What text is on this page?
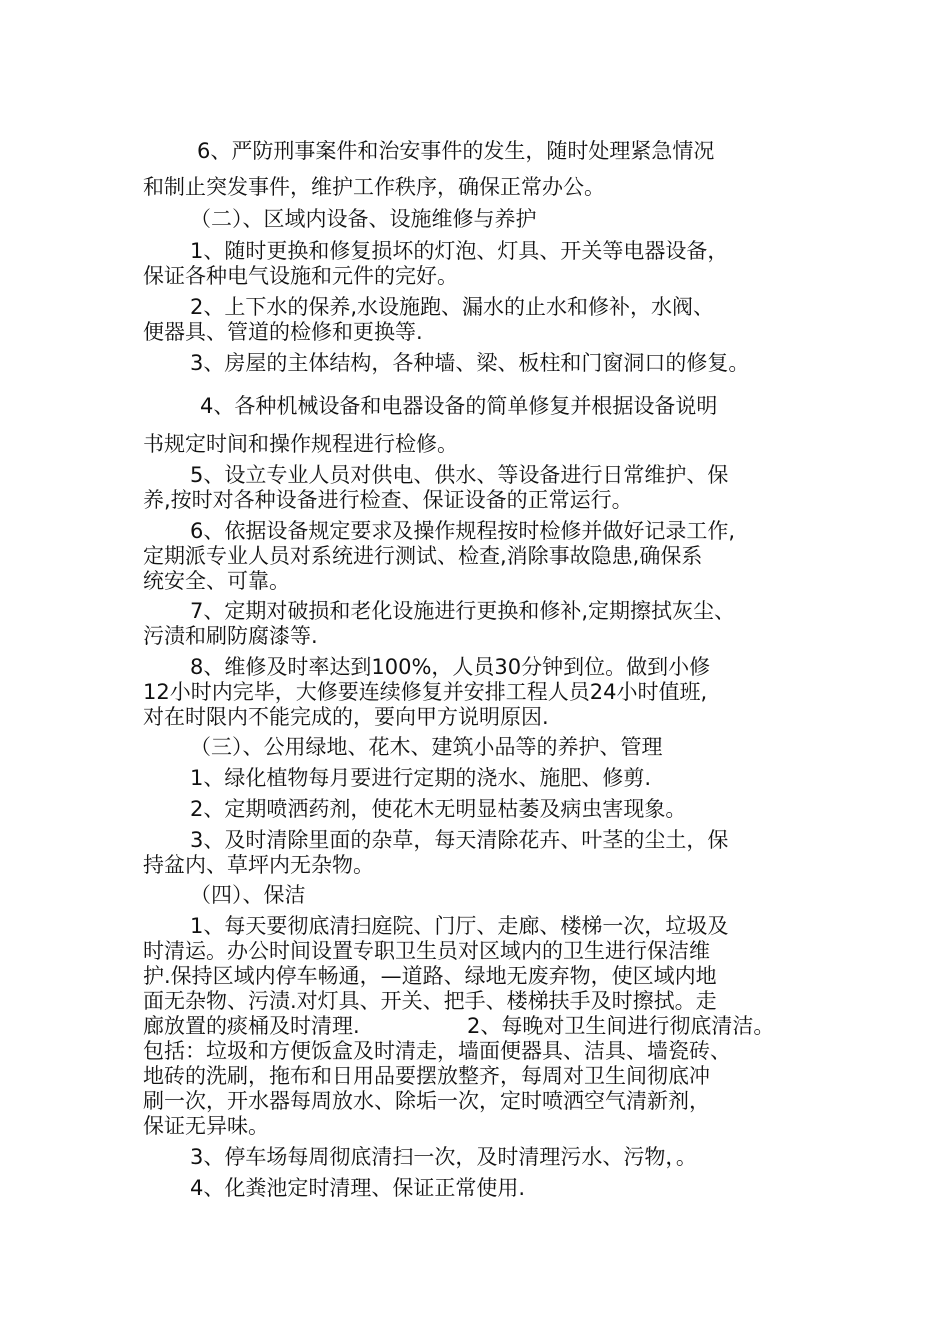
6、严防刑事案件和治安事件的发生，随时处理紧急情况

和制止突发事件，维护工作秩序，确保正常办公。

（二）、区域内设备、设施维修与养护

1、随时更换和修复损坏的灯泡、灯具、开关等电器设备，

保证各种电气设施和元件的完好。

2、上下水的保养,水设施跑、漏水的止水和修补，水阀、

便器具、管道的检修和更换等.

3、房屋的主体结构，各种墙、梁、板柱和门窗洞口的修复。

4、各种机械设备和电器设备的简单修复并根据设备说明

书规定时间和操作规程进行检修。

5、设立专业人员对供电、供水、等设备进行日常维护、保

养,按时对各种设备进行检查、保证设备的正常运行。

6、依据设备规定要求及操作规程按时检修并做好记录工作,

定期派专业人员对系统进行测试、检查,消除事故隐患,确保系

统安全、可靠。

7、定期对破损和老化设施进行更换和修补,定期擦拭灰尘、

污渍和刷防腐漆等.

8、维修及时率达到100%，人员30分钟到位。做到小修

12小时内完毕，大修要连续修复并安排工程人员24小时值班,

对在时限内不能完成的，要向甲方说明原因.

（三）、公用绿地、花木、建筑小品等的养护、管理

1、绿化植物每月要进行定期的浇水、施肥、修剪.

2、定期喷洒药剂，使花木无明显枯萎及病虫害现象。

3、及时清除里面的杂草，每天清除花卉、叶茎的尘土，保

持盆内、草坪内无杂物。

（四）、保洁

1、每天要彻底清扫庭院、门厅、走廊、楼梯一次，垃圾及

时清运。办公时间设置专职卫生员对区域内的卫生进行保洁维

护.保持区域内停车畅通，—道路、绿地无废弃物，使区域内地

面无杂物、污渍.对灯具、开关、把手、楼梯扶手及时擦拭。走

廊放置的痰桶及时清理.	2、每晚对卫生间进行彻底清洁。

包括：垃圾和方便饭盒及时清走，墙面便器具、洁具、墙瓷砖、

地砖的洗刷，拖布和日用品要摆放整齐，每周对卫生间彻底冲

刷一次，开水器每周放水、除垢一次，定时喷洒空气清新剂，

保证无异味。

3、停车场每周彻底清扫一次，及时清理污水、污物，。

4、化粪池定时清理、保证正常使用.
